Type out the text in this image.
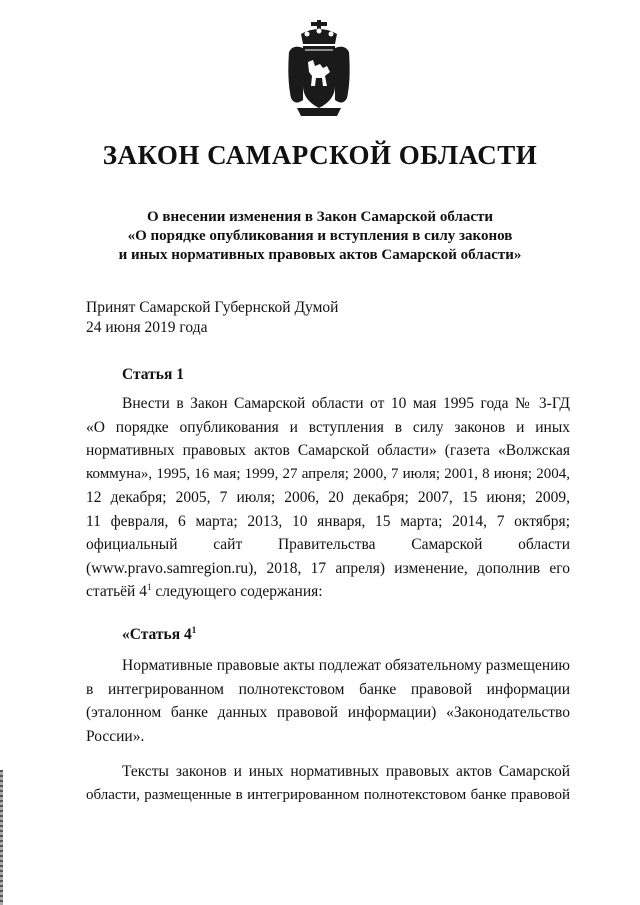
ЗАКОН САМАРСКОЙ ОБЛАСТИ
О внесении изменения в Закон Самарской области
«О порядке опубликования и вступления в силу законов
и иных нормативных правовых актов Самарской области»
Принят Самарской Губернской Думой
24 июня 2019 года
Статья 1
Внести в Закон Самарской области от 10 мая 1995 года № 3-ГД
«О порядке опубликования и вступления в силу законов и иных
нормативных правовых актов Самарской области» (газета «Волжская
коммуна», 1995, 16 мая; 1999, 27 апреля; 2000, 7 июля; 2001, 8 июня; 2004,
12 декабря; 2005, 7 июля; 2006, 20 декабря; 2007, 15 июня; 2009,
11 февраля, 6 марта; 2013, 10 января, 15 марта; 2014, 7 октября;
официальный сайт Правительства Самарской области
(www.pravo.samregion.ru), 2018, 17 апреля) изменение, дополнив его
статьёй $4^1$ следующего содержания:
«Статья $4^1$
Нормативные правовые акты подлежат обязательному размещению
в интегрированном полнотекстовом банке правовой информации
(эталонном банке данных правовой информации) «Законодательство
России».
Тексты законов и иных нормативных правовых актов Самарской
области, размещенные в интегрированном полнотекстовом банке правовой
